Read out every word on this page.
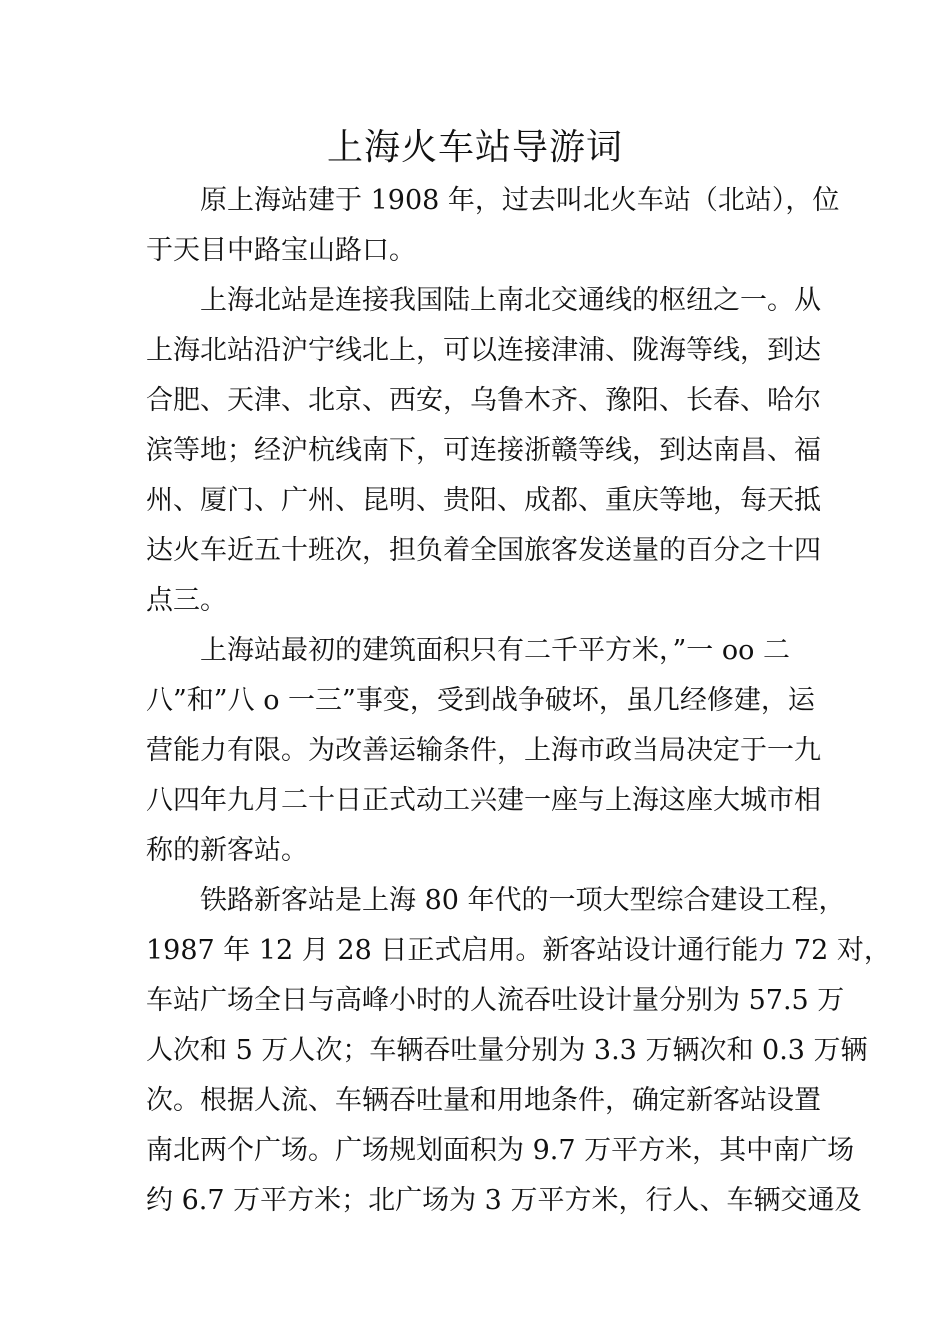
上海火车站导游词

原上海站建于 1908 年，过去叫北火车站（北站），位
于天目中路宝山路口。

上海北站是连接我国陆上南北交通线的枢纽之一。从
上海北站沿沪宁线北上，可以连接津浦、陇海等线，到达
合肥、天津、北京、西安，乌鲁木齐、豫阳、长春、哈尔
滨等地；经沪杭线南下，可连接浙赣等线，到达南昌、福
州、厦门、广州、昆明、贵阳、成都、重庆等地，每天抵
达火车近五十班次，担负着全国旅客发送量的百分之十四
点三。

上海站最初的建筑面积只有二千平方米，”一 oo 二
八”和”八 o 一三”事变，受到战争破坏，虽几经修建，运
营能力有限。为改善运输条件，上海市政当局决定于一九
八四年九月二十日正式动工兴建一座与上海这座大城市相
称的新客站。

铁路新客站是上海 80 年代的一项大型综合建设工程，
1987 年 12 月 28 日正式启用。新客站设计通行能力 72 对，
车站广场全日与高峰小时的人流吞吐设计量分别为 57.5 万
人次和 5 万人次；车辆吞吐量分别为 3.3 万辆次和 0.3 万辆
次。根据人流、车辆吞吐量和用地条件，确定新客站设置
南北两个广场。广场规划面积为 9.7 万平方米，其中南广场
约 6.7 万平方米；北广场为 3 万平方米，行人、车辆交通及
